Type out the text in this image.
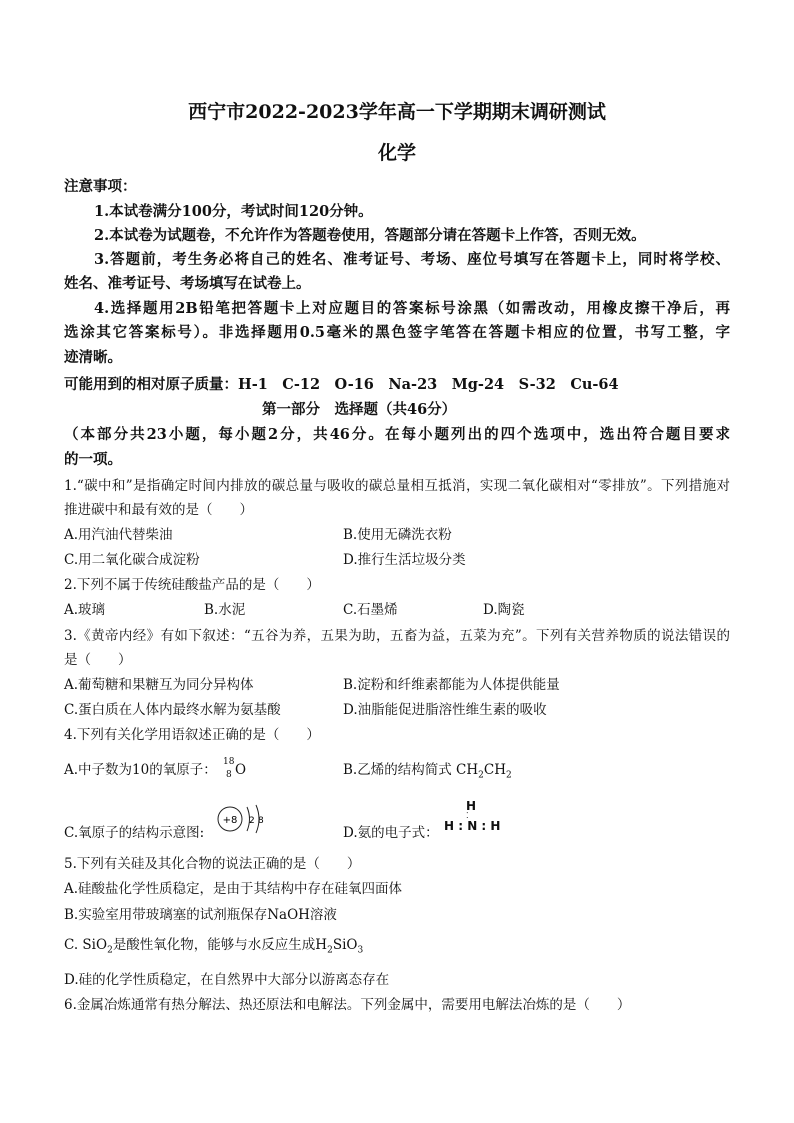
西宁市2022-2023学年高一下学期期末调研测试
化学
注意事项：
1.本试卷满分100分，考试时间120分钟。
2.本试卷为试题卷，不允许作为答题卷使用，答题部分请在答题卡上作答，否则无效。
3.答题前，考生务必将自己的姓名、准考证号、考场、座位号填写在答题卡上，同时将学校、
姓名、准考证号、考场填写在试卷上。
4.选择题用2B铅笔把答题卡上对应题目的答案标号涂黑（如需改动，用橡皮擦干净后，再
选涂其它答案标号）。非选择题用0.5毫米的黑色签字笔答在答题卡相应的位置，书写工整，字
迹清晰。
可能用到的相对原子质量：H-1　C-12　O-16　Na-23　Mg-24　S-32　Cu-64
第一部分　选择题（共46分）
（本部分共23小题，每小题2分，共46分。在每小题列出的四个选项中，选出符合题目要求
的一项。
1.“碳中和”是指确定时间内排放的碳总量与吸收的碳总量相互抵消，实现二氧化碳相对“零排放”。下列措施对
推进碳中和最有效的是（　　）
A.用汽油代替柴油	B.使用无磷洗衣粉
C.用二氧化碳合成淀粉	D.推行生活垃圾分类
2.下列不属于传统硅酸盐产品的是（　　）
A.玻璃	B.水泥	C.石墨烯	D.陶瓷
3.《黄帝内经》有如下叙述：“五谷为养，五果为助，五畜为益，五菜为充”。下列有关营养物质的说法错误的
是（　　）
A.葡萄糖和果糖互为同分异构体	B.淀粉和纤维素都能为人体提供能量
C.蛋白质在人体内最终水解为氨基酸	D.油脂能促进脂溶性维生素的吸收
4.下列有关化学用语叙述正确的是（　　）
A.中子数为10的氧原子：
18
8 O	B.乙烯的结构简式 $CH_2CH_2$
C.氧原子的结构示意图:
+8 2 8
D.氨的电子式：
H
⁚
H : N : H
5.下列有关硅及其化合物的说法正确的是（　　）
A.硅酸盐化学性质稳定，是由于其结构中存在硅氧四面体
B.实验室用带玻璃塞的试剂瓶保存NaOH溶液
C. SiO$_2$是酸性氧化物，能够与水反应生成$H_2SiO_3$
D.硅的化学性质稳定，在自然界中大部分以游离态存在
6.金属冶炼通常有热分解法、热还原法和电解法。下列金属中，需要用电解法冶炼的是（　　）
